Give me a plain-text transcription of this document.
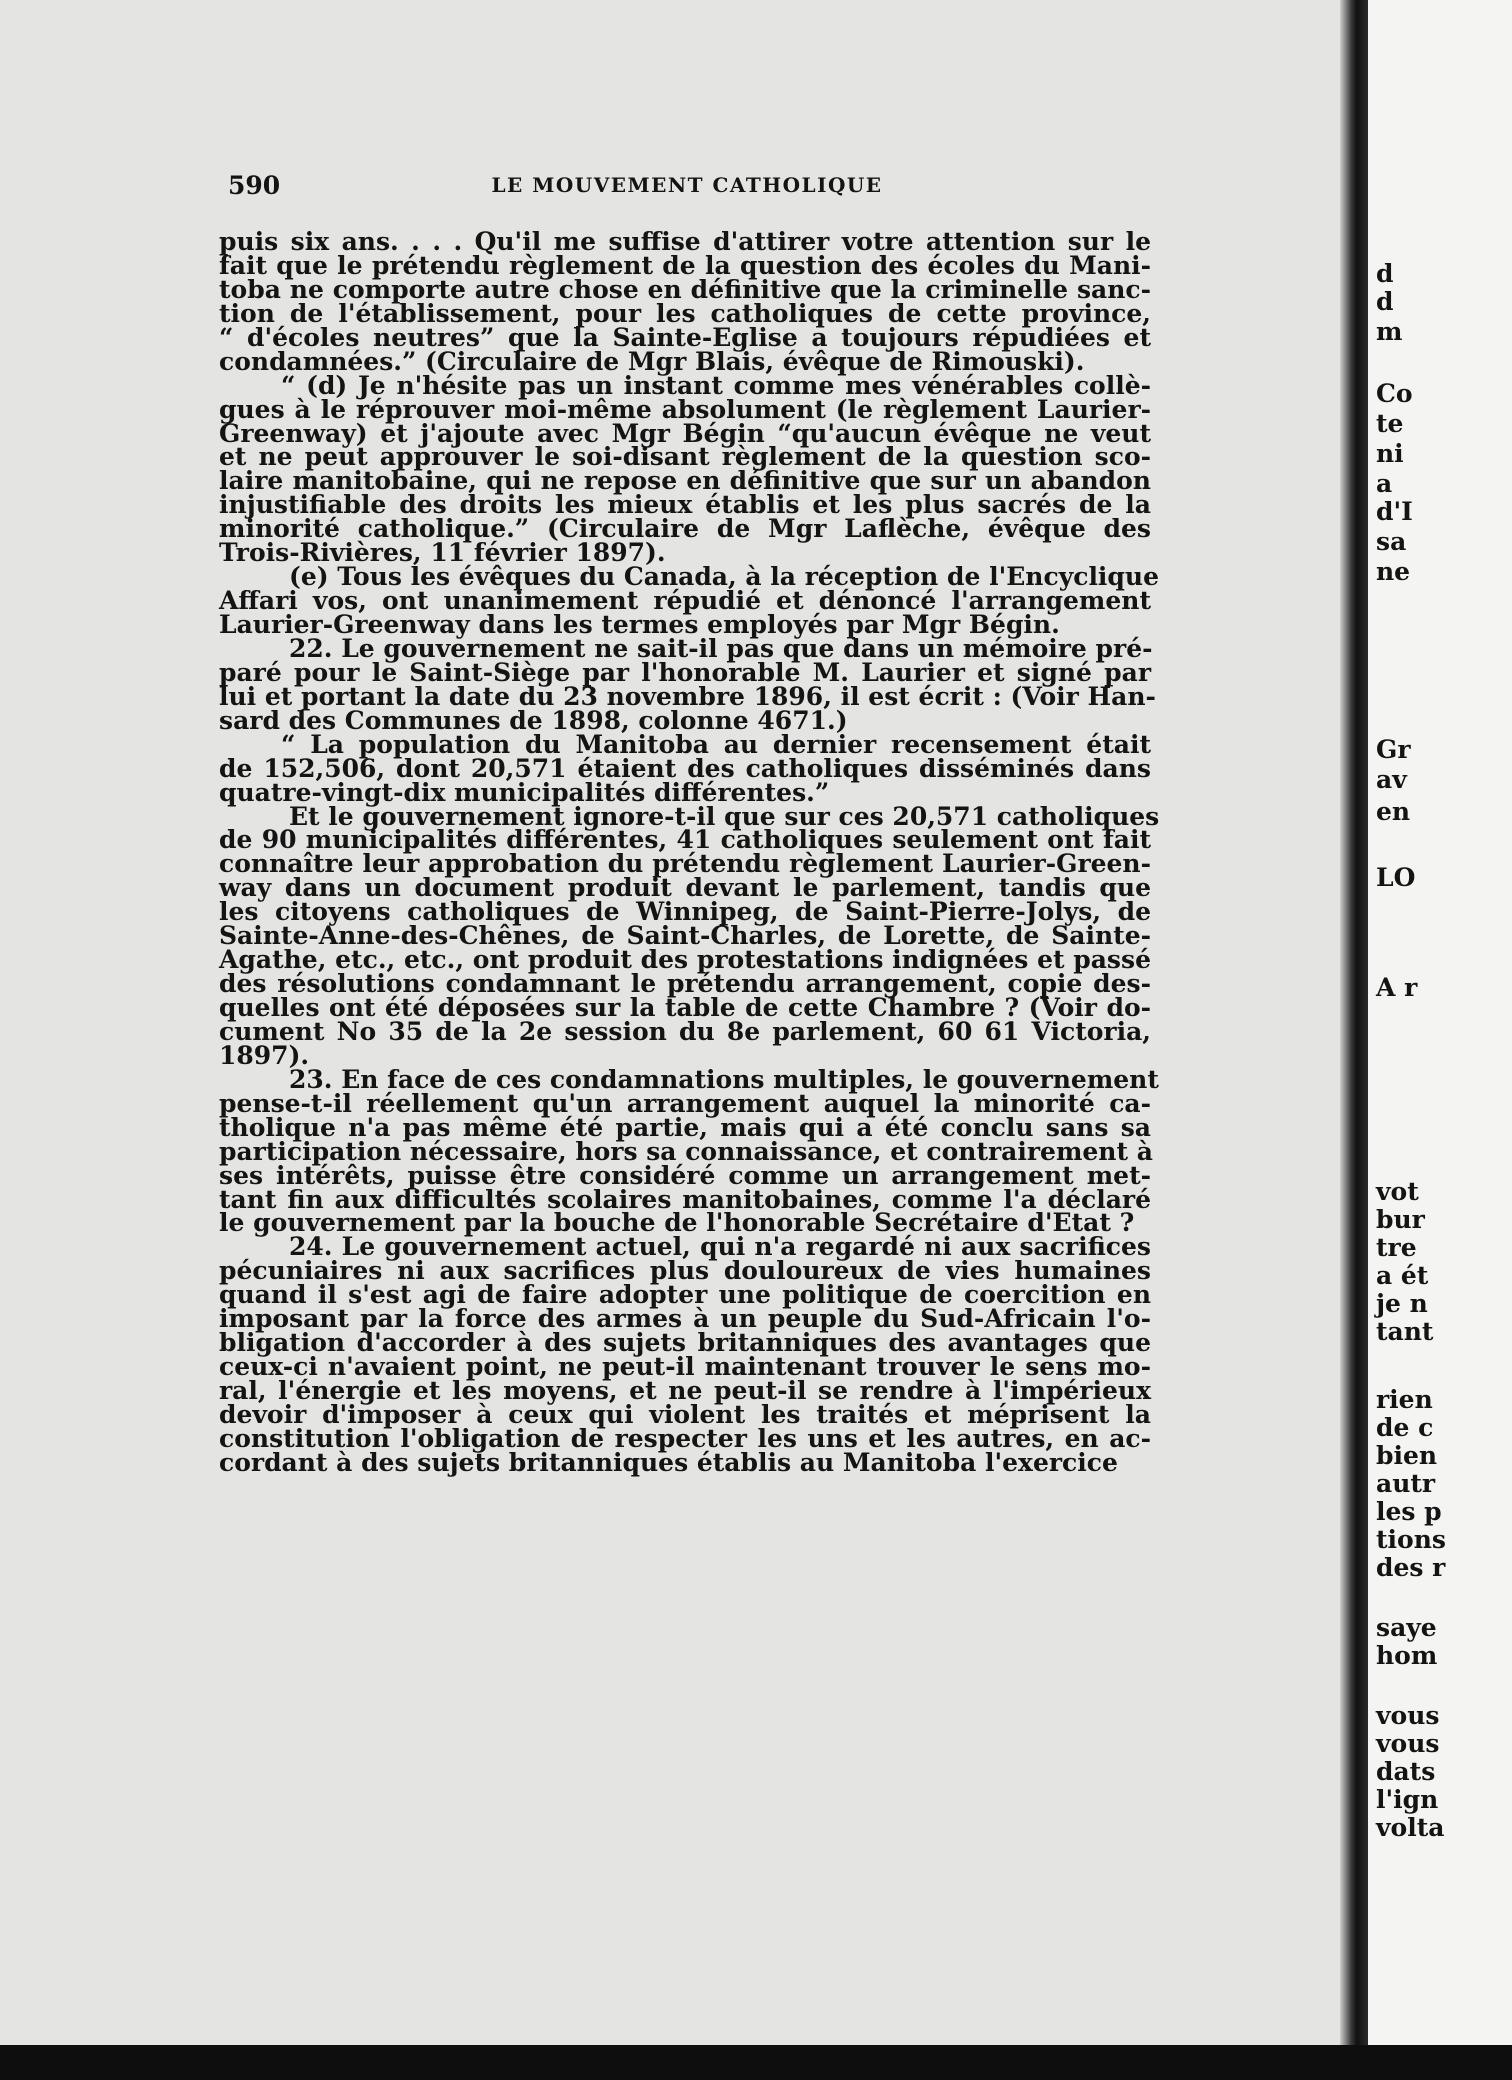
d
d
m
Co
te
ni
a
d'I
sa
ne
Gr
av
en
LO
A r
vot
bur
tre
a ét
je n
tant
rien
de c
bien
autr
les p
tions
des r
saye
hom
vous
vous
dats
l'ign
volta
590	LE MOUVEMENT CATHOLIQUE
puis six ans. . . . Qu'il me suffise d'attirer votre attention sur le
fait que le prétendu règlement de la question des écoles du Mani-
toba ne comporte autre chose en définitive que la criminelle sanc-
tion de l'établissement, pour les catholiques de cette province,
“ d'écoles neutres” que la Sainte-Eglise a toujours répudiées et
condamnées.” (Circulaire de Mgr Blais, évêque de Rimouski).
“ (d) Je n'hésite pas un instant comme mes vénérables collè-
gues à le réprouver moi-même absolument (le règlement Laurier-
Greenway) et j'ajoute avec Mgr Bégin “qu'aucun évêque ne veut
et ne peut approuver le soi-disant règlement de la question sco-
laire manitobaine, qui ne repose en définitive que sur un abandon
injustifiable des droits les mieux établis et les plus sacrés de la
minorité catholique.” (Circulaire de Mgr Laflèche, évêque des
Trois-Rivières, 11 février 1897).
(e) Tous les évêques du Canada, à la réception de l'Encyclique
Affari vos, ont unanimement répudié et dénoncé l'arrangement
Laurier-Greenway dans les termes employés par Mgr Bégin.
22. Le gouvernement ne sait-il pas que dans un mémoire pré-
paré pour le Saint-Siège par l'honorable M. Laurier et signé par
lui et portant la date du 23 novembre 1896, il est écrit : (Voir Han-
sard des Communes de 1898, colonne 4671.)
“ La population du Manitoba au dernier recensement était
de 152,506, dont 20,571 étaient des catholiques disséminés dans
quatre-vingt-dix municipalités différentes.”
Et le gouvernement ignore-t-il que sur ces 20,571 catholiques
de 90 municipalités différentes, 41 catholiques seulement ont fait
connaître leur approbation du prétendu règlement Laurier-Green-
way dans un document produit devant le parlement, tandis que
les citoyens catholiques de Winnipeg, de Saint-Pierre-Jolys, de
Sainte-Anne-des-Chênes, de Saint-Charles, de Lorette, de Sainte-
Agathe, etc., etc., ont produit des protestations indignées et passé
des résolutions condamnant le prétendu arrangement, copie des-
quelles ont été déposées sur la table de cette Chambre ? (Voir do-
cument No 35 de la 2e session du 8e parlement, 60 61 Victoria,
1897).
23. En face de ces condamnations multiples, le gouvernement
pense-t-il réellement qu'un arrangement auquel la minorité ca-
tholique n'a pas même été partie, mais qui a été conclu sans sa
participation nécessaire, hors sa connaissance, et contrairement à
ses intérêts, puisse être considéré comme un arrangement met-
tant fin aux difficultés scolaires manitobaines, comme l'a déclaré
le gouvernement par la bouche de l'honorable Secrétaire d'Etat ?
24. Le gouvernement actuel, qui n'a regardé ni aux sacrifices
pécuniaires ni aux sacrifices plus douloureux de vies humaines
quand il s'est agi de faire adopter une politique de coercition en
imposant par la force des armes à un peuple du Sud-Africain l'o-
bligation d'accorder à des sujets britanniques des avantages que
ceux-ci n'avaient point, ne peut-il maintenant trouver le sens mo-
ral, l'énergie et les moyens, et ne peut-il se rendre à l'impérieux
devoir d'imposer à ceux qui violent les traités et méprisent la
constitution l'obligation de respecter les uns et les autres, en ac-
cordant à des sujets britanniques établis au Manitoba l'exercice
